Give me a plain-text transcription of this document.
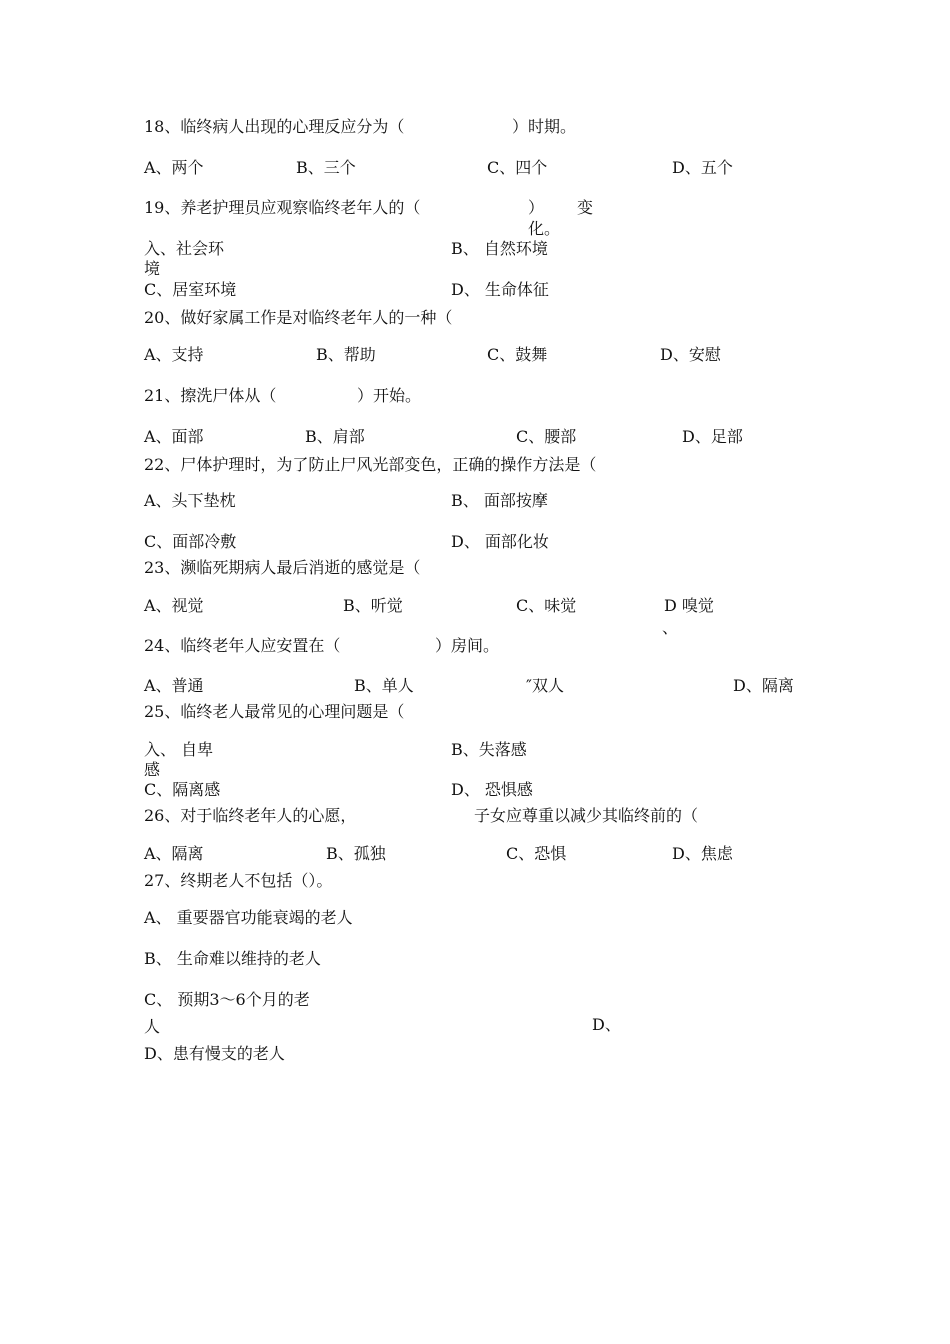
18、临终病人出现的心理反应分为（	）时期。
A、两个	B、三个	C、四个	D、五个
19、养老护理员应观察临终老年人的（	） 变
化。
入、社会环
境
B、 自然环境
C、居室环境	D、 生命体征
20、做好家属工作是对临终老年人的一种（
A、支持	B、帮助	C、鼓舞	D、安慰
21、擦洗尸体从（	）开始。
A、面部	B、肩部	C、腰部	D、足部
22、尸体护理时，为了防止尸风光部变色，正确的操作方法是（
A、头下垫枕	B、 面部按摩
C、面部冷敷	D、 面部化妆
23、濒临死期病人最后消逝的感觉是（
A、视觉	B、听觉	C、味觉	D 嗅觉
、
24、临终老年人应安置在（	）房间。
A、普通	B、单人	″双人	D、隔离
25、临终老人最常见的心理问题是（
入、 自卑
感
B、失落感
C、隔离感	D、 恐惧感
26、对于临终老年人的心愿，	子女应尊重以减少其临终前的（
A、隔离	B、孤独	C、恐惧	D、焦虑
27、终期老人不包括（）。
A、 重要器官功能衰竭的老人
B、 生命难以维持的老人
C、 预期3〜6个月的老
人	D、
D、患有慢支的老人
